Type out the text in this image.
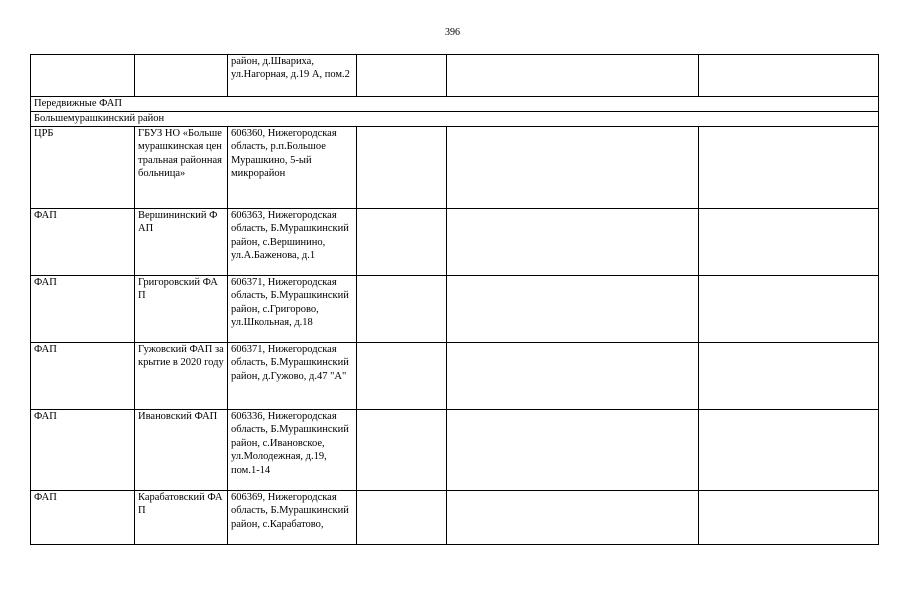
396
		район, д.Швариха, ул.Нагорная, д.19 А, пом.2			
Передвижные ФАП					
Большемурашкинский район					
ЦРБ	ГБУЗ НО «Большемурашкинская центральная районная больница»	606360, Нижегородская область, р.п.Большое Мурашкино, 5-ый микрорайон			
ФАП	Вершининский ФАП	606363, Нижегородская область, Б.Мурашкинский район, с.Вершинино, ул.А.Баженова, д.1			
ФАП	Григоровский ФАП	606371, Нижегородская область, Б.Мурашкинский район, с.Григорово, ул.Школьная, д.18			
ФАП	Гужовский ФАП закрытие в 2020 году	606371, Нижегородская область, Б.Мурашкинский район, д.Гужово, д.47 "А"			
ФАП	Ивановский ФАП	606336, Нижегородская область, Б.Мурашкинский район, с.Ивановское, ул.Молодежная, д.19, пом.1-14			
ФАП	Карабатовский ФАП	606369, Нижегородская область, Б.Мурашкинский район, с.Карабатово,			
